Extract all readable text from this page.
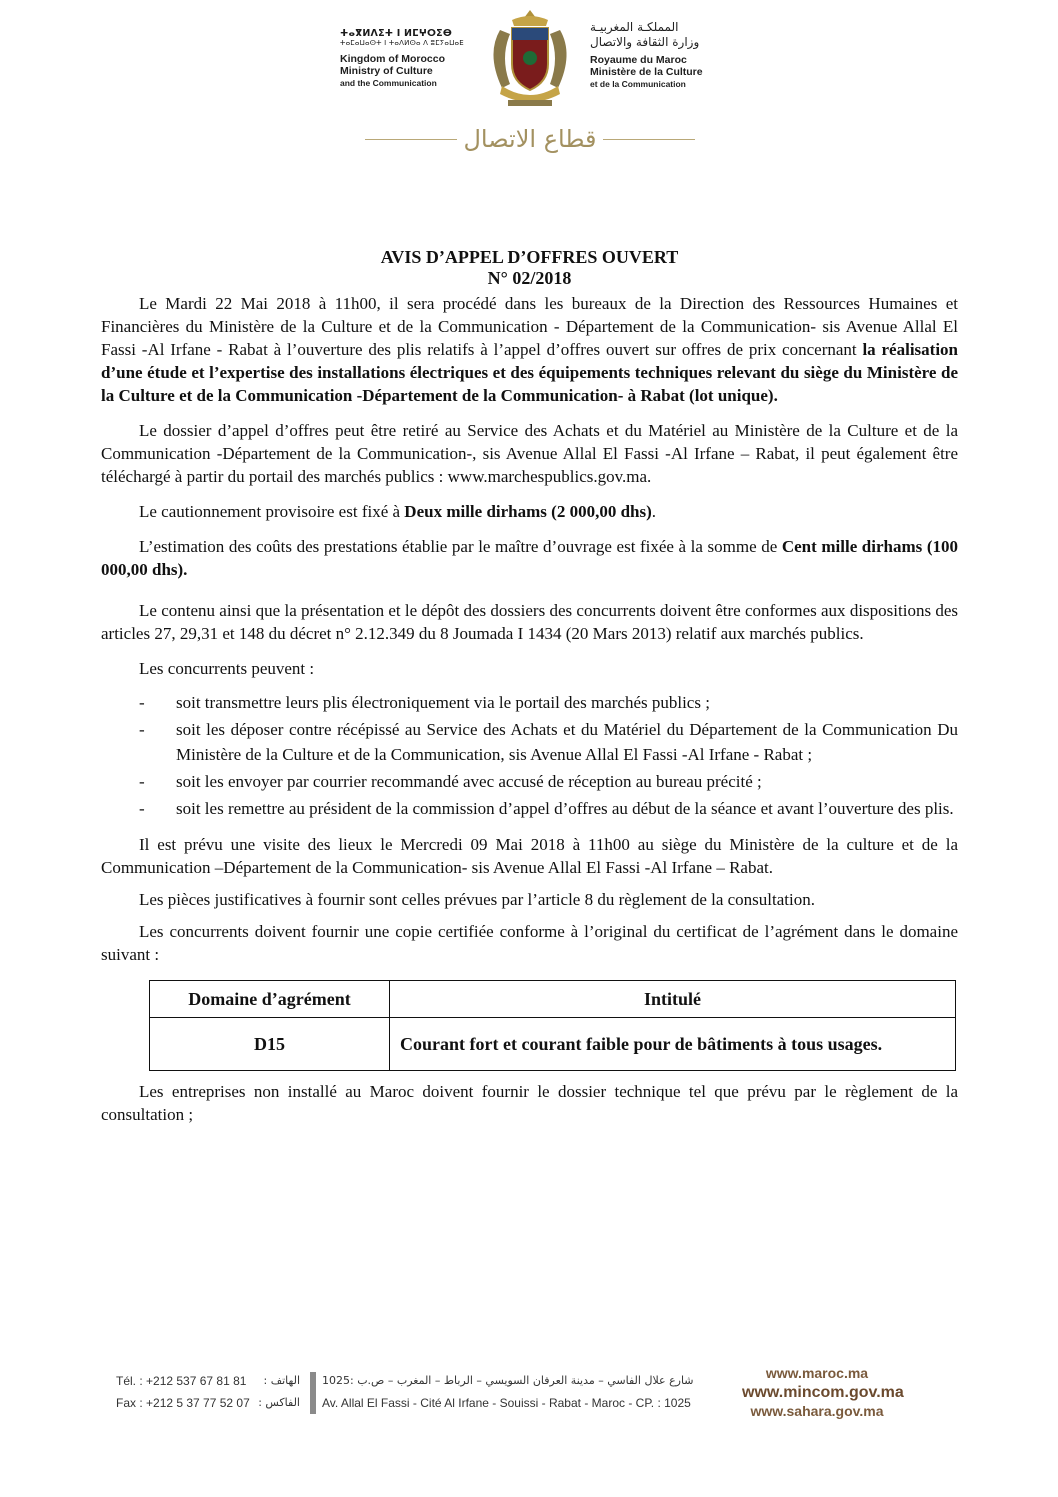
ⵜⴰⴳⵍⴷⵉⵜ ⵏ ⵍⵎⵖⵔⵉⴱ
ⵜⴰⵎⴰⵡⴰⵙⵜ ⵏ ⵜⴰⴷⵍⵙⴰ ⴷ ⵓⵎⵢⴰⵡⴰⴹ
Kingdom of Morocco
Ministry of Culture
and the Communication
المملكـة المغربيـة
وزارة الثقافة والاتصال
Royaume du Maroc
Ministère de la Culture
et de la Communication
قطاع الاتصال

AVIS D’APPEL D’OFFRES OUVERT

N° 02/2018

Le Mardi 22 Mai 2018 à 11h00, il sera procédé dans les bureaux de la Direction des Ressources Humaines et Financières du Ministère de la Culture et de la Communication - Département de la Communication- sis Avenue Allal El Fassi -Al Irfane - Rabat à l’ouverture des plis relatifs à l’appel d’offres ouvert sur offres de prix concernant la réalisation d’une étude et l’expertise des installations électriques et des équipements techniques relevant du siège du Ministère de la Culture et de la Communication -Département de la Communication- à Rabat (lot unique).

Le dossier d’appel d’offres peut être retiré au Service des Achats et du Matériel au Ministère de la Culture et de la Communication -Département de la Communication-, sis Avenue Allal El Fassi -Al Irfane – Rabat, il peut également être téléchargé à partir du portail des marchés publics : www.marchespublics.gov.ma.

Le cautionnement provisoire est fixé à Deux mille dirhams (2 000,00 dhs).

L’estimation des coûts des prestations établie par le maître d’ouvrage est fixée à la somme de Cent mille dirhams (100 000,00 dhs).

Le contenu ainsi que la présentation et le dépôt des dossiers des concurrents doivent être conformes aux dispositions des articles 27, 29,31 et 148 du décret n° 2.12.349 du 8 Joumada I 1434 (20 Mars 2013) relatif aux marchés publics.

Les concurrents peuvent :

- soit transmettre leurs plis électroniquement via le portail des marchés publics ;
- soit les déposer contre récépissé au Service des Achats et du Matériel du Département de la Communication Du Ministère de la Culture et de la Communication, sis Avenue Allal El Fassi -Al Irfane - Rabat ;
- soit les envoyer par courrier recommandé avec accusé de réception au bureau précité ;
- soit les remettre au président de la commission d’appel d’offres au début de la séance et avant l’ouverture des plis.

Il est prévu une visite des lieux le Mercredi 09 Mai 2018 à 11h00 au siège du Ministère de la culture et de la Communication –Département de la Communication- sis Avenue Allal El Fassi -Al Irfane – Rabat.

Les pièces justificatives à fournir sont celles prévues par l’article 8 du règlement de la consultation.

Les concurrents doivent fournir une copie certifiée conforme à l’original du certificat de l’agrément dans le domaine suivant :

Domaine d’agrément	Intitulé
D15	Courant fort et courant faible pour de bâtiments à tous usages.

Les entreprises non installé au Maroc doivent fournir le dossier technique tel que prévu par le règlement de la consultation ;

Tél. : +212 537 67 81 81
Fax : +212 5 37 77 52 07
: الهاتف
: الفاكس
1025: شارع علال الفاسي – مدينة العرفان السويسي – الرباط – المغرب – ص.ب
Av. Allal El Fassi - Cité Al Irfane - Souissi - Rabat - Maroc - CP. : 1025
www.maroc.ma
www.mincom.gov.ma
www.sahara.gov.ma
